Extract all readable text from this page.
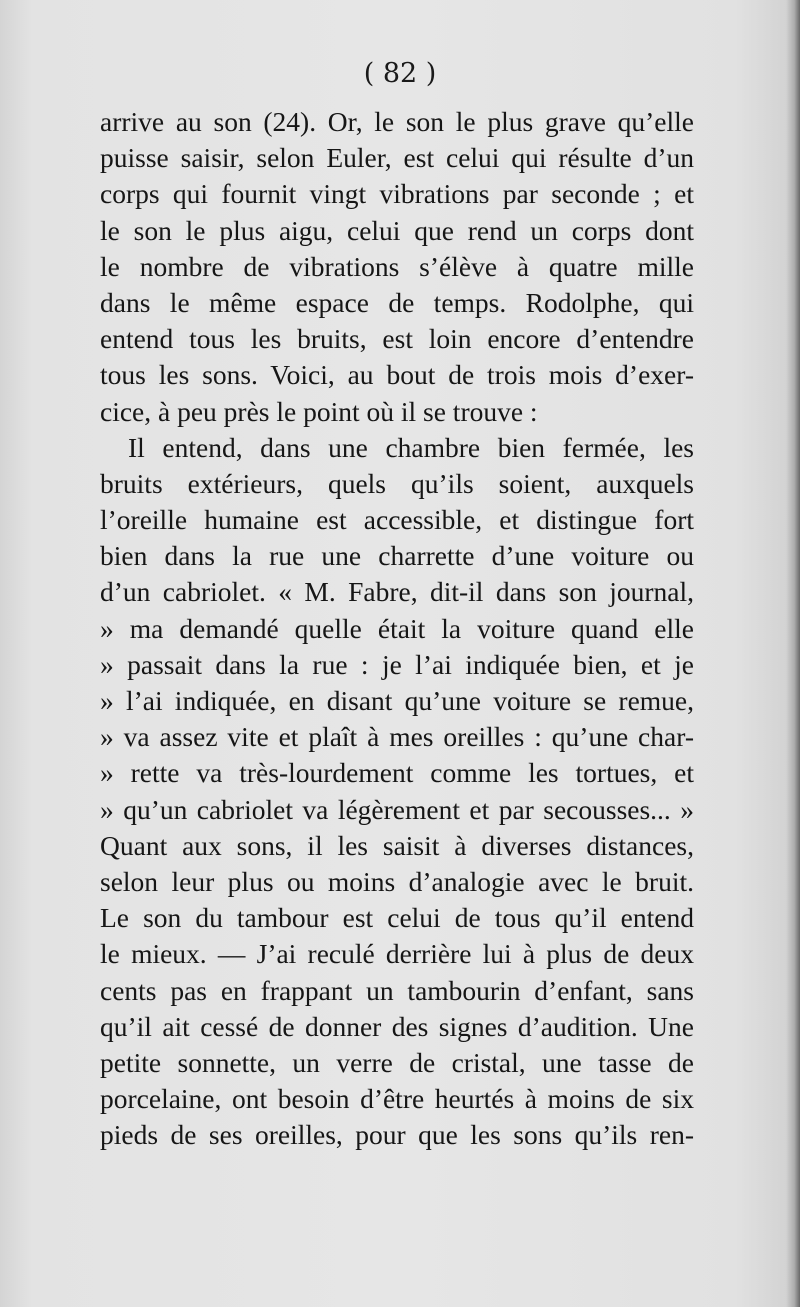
( 82 )

arrive au son (24). Or, le son le plus grave qu’elle
puisse saisir, selon Euler, est celui qui résulte d’un
corps qui fournit vingt vibrations par seconde ; et
le son le plus aigu, celui que rend un corps dont
le nombre de vibrations s’élève à quatre mille
dans le même espace de temps. Rodolphe, qui
entend tous les bruits, est loin encore d’entendre
tous les sons. Voici, au bout de trois mois d’exer-
cice, à peu près le point où il se trouve :
Il entend, dans une chambre bien fermée, les
bruits extérieurs, quels qu’ils soient, auxquels
l’oreille humaine est accessible, et distingue fort
bien dans la rue une charrette d’une voiture ou
d’un cabriolet. « M. Fabre, dit-il dans son journal,
» ma demandé quelle était la voiture quand elle
» passait dans la rue : je l’ai indiquée bien, et je
» l’ai indiquée, en disant qu’une voiture se remue,
» va assez vite et plaît à mes oreilles : qu’une char-
» rette va très-lourdement comme les tortues, et
» qu’un cabriolet va légèrement et par secousses... »
Quant aux sons, il les saisit à diverses distances,
selon leur plus ou moins d’analogie avec le bruit.
Le son du tambour est celui de tous qu’il entend
le mieux. — J’ai reculé derrière lui à plus de deux
cents pas en frappant un tambourin d’enfant, sans
qu’il ait cessé de donner des signes d’audition. Une
petite sonnette, un verre de cristal, une tasse de
porcelaine, ont besoin d’être heurtés à moins de six
pieds de ses oreilles, pour que les sons qu’ils ren-
